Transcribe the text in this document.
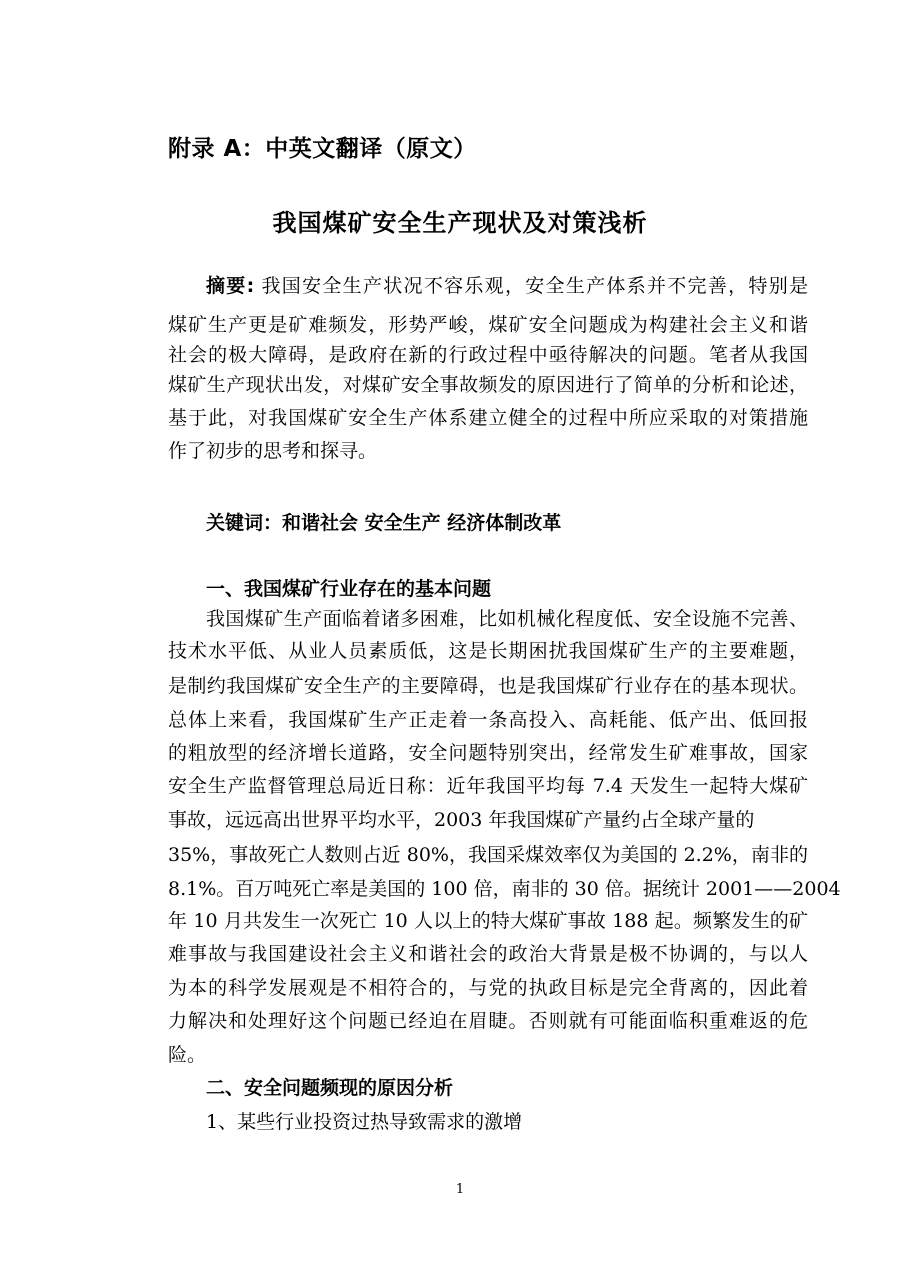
附录 A：中英文翻译（原文）
我国煤矿安全生产现状及对策浅析
摘要: 我国安全生产状况不容乐观，安全生产体系并不完善，特别是
煤矿生产更是矿难频发，形势严峻，煤矿安全问题成为构建社会主义和谐
社会的极大障碍，是政府在新的行政过程中亟待解决的问题。笔者从我国
煤矿生产现状出发，对煤矿安全事故频发的原因进行了简单的分析和论述，
基于此，对我国煤矿安全生产体系建立健全的过程中所应采取的对策措施
作了初步的思考和探寻。
关键词：和谐社会 安全生产 经济体制改革
一、我国煤矿行业存在的基本问题
我国煤矿生产面临着诸多困难，比如机械化程度低、安全设施不完善、
技术水平低、从业人员素质低，这是长期困扰我国煤矿生产的主要难题，
是制约我国煤矿安全生产的主要障碍，也是我国煤矿行业存在的基本现状。
总体上来看，我国煤矿生产正走着一条高投入、高耗能、低产出、低回报
的粗放型的经济增长道路，安全问题特别突出，经常发生矿难事故，国家
安全生产监督管理总局近日称：近年我国平均每 7.4 天发生一起特大煤矿
事故，远远高出世界平均水平，2003 年我国煤矿产量约占全球产量的
35%，事故死亡人数则占近 80%，我国采煤效率仅为美国的 2.2%，南非的
8.1%。百万吨死亡率是美国的 100 倍，南非的 30 倍。据统计 2001——2004
年 10 月共发生一次死亡 10 人以上的特大煤矿事故 188 起。频繁发生的矿
难事故与我国建设社会主义和谐社会的政治大背景是极不协调的，与以人
为本的科学发展观是不相符合的，与党的执政目标是完全背离的，因此着
力解决和处理好这个问题已经迫在眉睫。否则就有可能面临积重难返的危
险。
二、安全问题频现的原因分析
1、某些行业投资过热导致需求的激增
1
